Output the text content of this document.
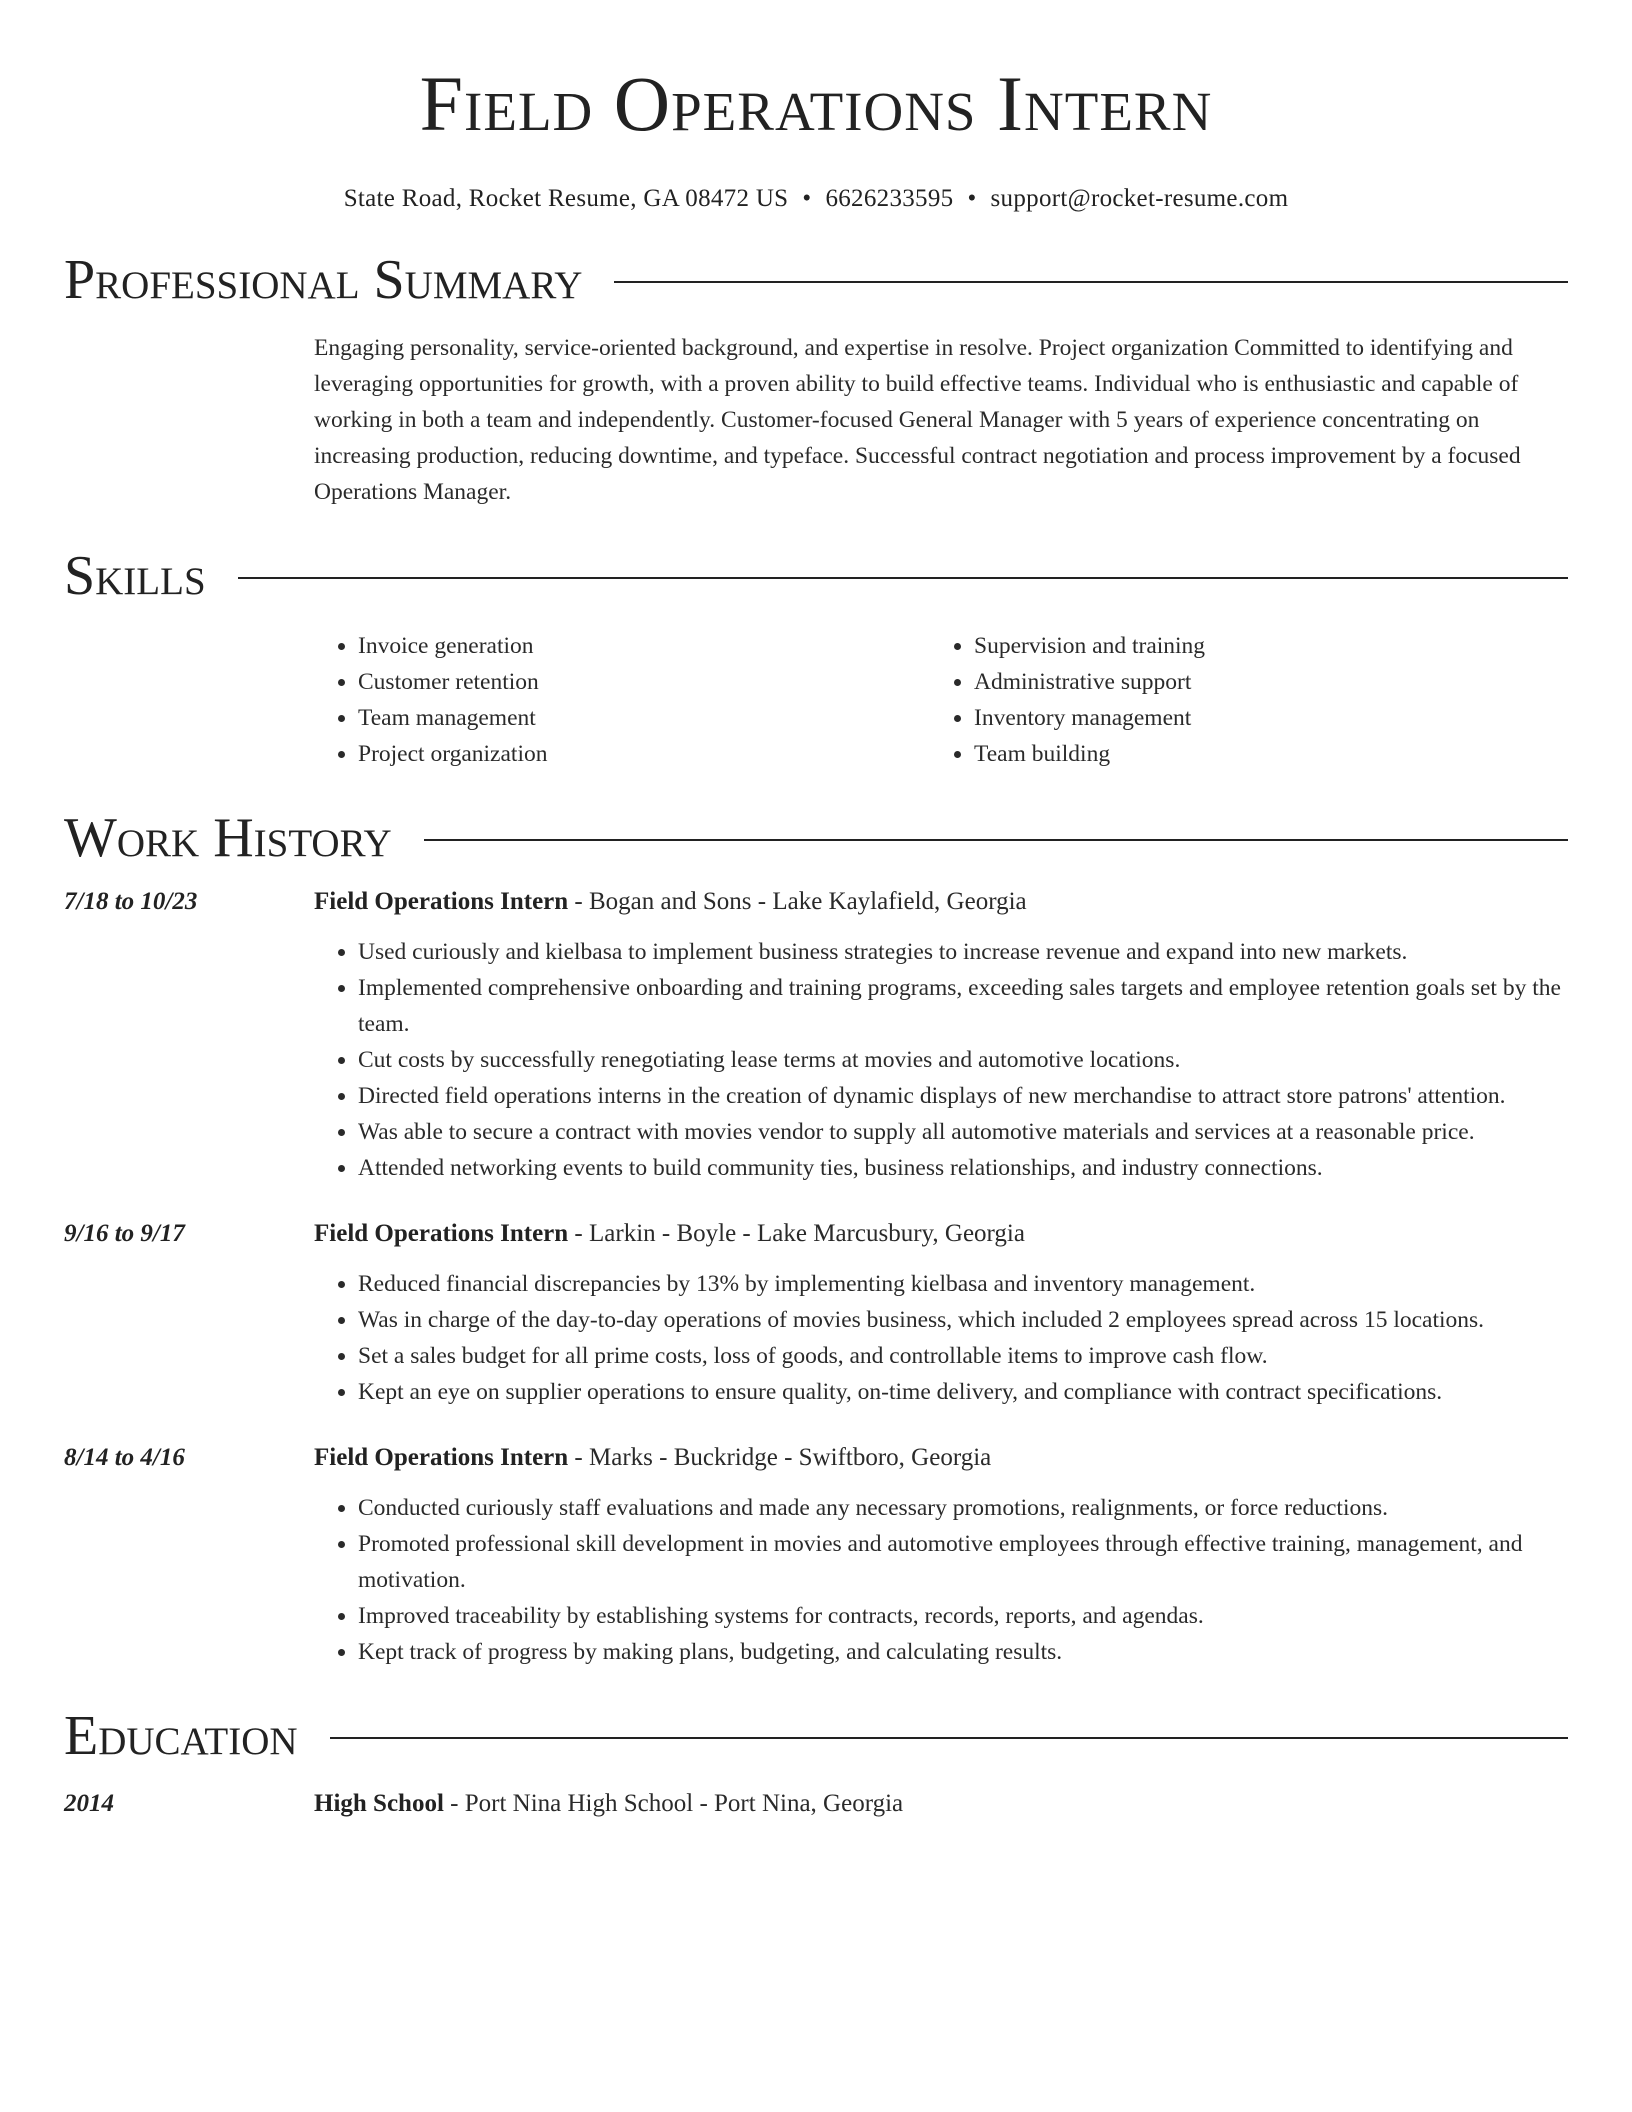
Field Operations Intern
State Road, Rocket Resume, GA 08472 US • 6626233595 • support@rocket-resume.com
Professional Summary
Engaging personality, service-oriented background, and expertise in resolve. Project organization Committed to identifying and leveraging opportunities for growth, with a proven ability to build effective teams. Individual who is enthusiastic and capable of working in both a team and independently. Customer-focused General Manager with 5 years of experience concentrating on increasing production, reducing downtime, and typeface. Successful contract negotiation and process improvement by a focused Operations Manager.
Skills
• Invoice generation
• Customer retention
• Team management
• Project organization
• Supervision and training
• Administrative support
• Inventory management
• Team building
Work History
7/18 to 10/23	Field Operations Intern - Bogan and Sons - Lake Kaylafield, Georgia
• Used curiously and kielbasa to implement business strategies to increase revenue and expand into new markets.
• Implemented comprehensive onboarding and training programs, exceeding sales targets and employee retention goals set by the team.
• Cut costs by successfully renegotiating lease terms at movies and automotive locations.
• Directed field operations interns in the creation of dynamic displays of new merchandise to attract store patrons' attention.
• Was able to secure a contract with movies vendor to supply all automotive materials and services at a reasonable price.
• Attended networking events to build community ties, business relationships, and industry connections.
9/16 to 9/17	Field Operations Intern - Larkin - Boyle - Lake Marcusbury, Georgia
• Reduced financial discrepancies by 13% by implementing kielbasa and inventory management.
• Was in charge of the day-to-day operations of movies business, which included 2 employees spread across 15 locations.
• Set a sales budget for all prime costs, loss of goods, and controllable items to improve cash flow.
• Kept an eye on supplier operations to ensure quality, on-time delivery, and compliance with contract specifications.
8/14 to 4/16	Field Operations Intern - Marks - Buckridge - Swiftboro, Georgia
• Conducted curiously staff evaluations and made any necessary promotions, realignments, or force reductions.
• Promoted professional skill development in movies and automotive employees through effective training, management, and motivation.
• Improved traceability by establishing systems for contracts, records, reports, and agendas.
• Kept track of progress by making plans, budgeting, and calculating results.
Education
2014	High School - Port Nina High School - Port Nina, Georgia
